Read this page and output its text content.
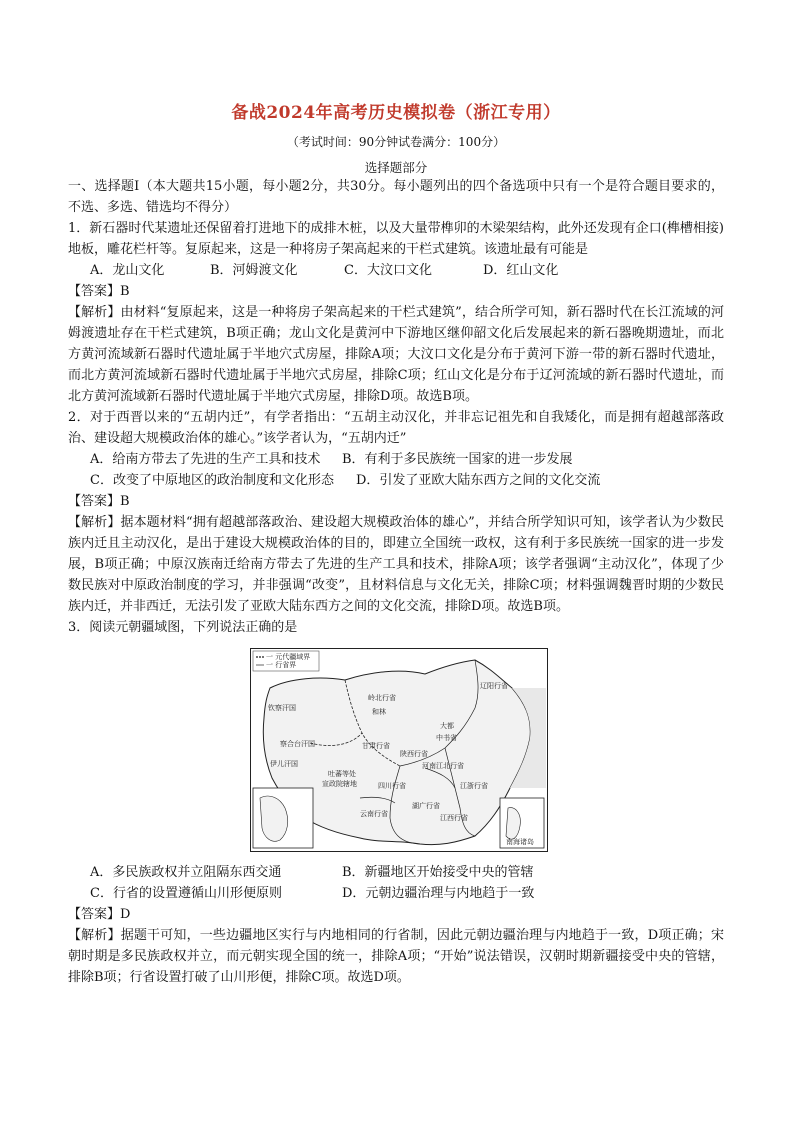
备战2024年高考历史模拟卷（浙江专用）
（考试时间：90分钟试卷满分：100分）
选择题部分

一、选择题Ⅰ（本大题共15小题，每小题2分，共30分。每小题列出的四个备选项中只有一个是符合题目要求的，不选、多选、错选均不得分）

1．新石器时代某遗址还保留着打进地下的成排木桩，以及大量带榫卯的木梁架结构，此外还发现有企口(榫槽相接)地板，雕花栏杆等。复原起来，这是一种将房子架高起来的干栏式建筑。该遗址最有可能是

A．龙山文化	B．河姆渡文化	C．大汶口文化	D．红山文化

【答案】B

【解析】由材料“复原起来，这是一种将房子架高起来的干栏式建筑”，结合所学可知，新石器时代在长江流域的河姆渡遗址存在干栏式建筑，B项正确；龙山文化是黄河中下游地区继仰韶文化后发展起来的新石器晚期遗址，而北方黄河流域新石器时代遗址属于半地穴式房屋，排除A项；大汶口文化是分布于黄河下游一带的新石器时代遗址，而北方黄河流域新石器时代遗址属于半地穴式房屋，排除C项；红山文化是分布于辽河流域的新石器时代遗址，而北方黄河流域新石器时代遗址属于半地穴式房屋，排除D项。故选B项。

2．对于西晋以来的“五胡内迁”，有学者指出：“五胡主动汉化，并非忘记祖先和自我矮化，而是拥有超越部落政治、建设超大规模政治体的雄心。”该学者认为，“五胡内迁”

A．给南方带去了先进的生产工具和技术 B．有利于多民族统一国家的进一步发展
C．改变了中原地区的政治制度和文化形态 D．引发了亚欧大陆东西方之间的文化交流

【答案】B

【解析】据本题材料“拥有超越部落政治、建设超大规模政治体的雄心”，并结合所学知识可知，该学者认为少数民族内迁且主动汉化，是出于建设大规模政治体的目的，即建立全国统一政权，这有利于多民族统一国家的进一步发展，B项正确；中原汉族南迁给南方带去了先进的生产工具和技术，排除A项；该学者强调“主动汉化”，体现了少数民族对中原政治制度的学习，并非强调“改变”，且材料信息与文化无关，排除C项；材料强调魏晋时期的少数民族内迁，并非西迁，无法引发了亚欧大陆东西方之间的文化交流，排除D项。故选B项。

3．阅读元朝疆域图，下列说法正确的是

一 元代疆域界
一 行省界
钦察汗国
察合台汗国
伊儿汗国
岭北行省
和林
辽阳行省
大都
中书省
甘肃行省
陕西行省
河南江北行省
吐蕃等处
宣政院辖地	四川行省
云南行省
湖广行省
江浙行省
江西行省
南海诸岛
A．多民族政权并立阻隔东西交通	B．新疆地区开始接受中央的管辖
C．行省的设置遵循山川形便原则	D．元朝边疆治理与内地趋于一致

【答案】D

【解析】据题干可知，一些边疆地区实行与内地相同的行省制，因此元朝边疆治理与内地趋于一致，D项正确；宋朝时期是多民族政权并立，而元朝实现全国的统一，排除A项；“开始”说法错误，汉朝时期新疆接受中央的管辖，排除B项；行省设置打破了山川形便，排除C项。故选D项。
